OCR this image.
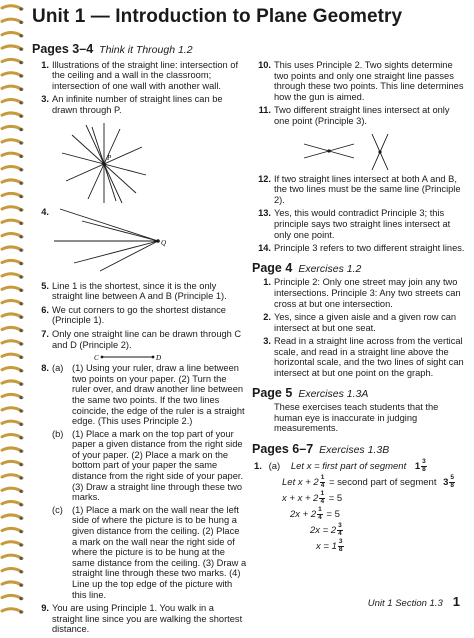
Unit 1 — Introduction to Plane Geometry
Pages 3–4 Think it Through 1.2
1. Illustrations of the straight line: intersection of the ceiling and a wall in the classroom; intersection of one wall with another wall.
3. An infinite number of straight lines can be drawn through P.
P
4.
Q
5. Line 1 is the shortest, since it is the only straight line between A and B (Principle 1).
6. We cut corners to go the shortest distance (Principle 1).
7. Only one straight line can be drawn through C and D (Principle 2).
C	D
8. (a) (1) Using your ruler, draw a line between two points on your paper. (2) Turn the ruler over, and draw another line between the same two points. If the two lines coincide, the edge of the ruler is a straight edge. (This uses Principle 2.)
(b) (1) Place a mark on the top part of your paper a given distance from the right side of your paper. (2) Place a mark on the bottom part of your paper the same distance from the right side of your paper. (3) Draw a straight line through these two marks.
(c) (1) Place a mark on the wall near the left side of where the picture is to be hung a given distance from the ceiling. (2) Place a mark on the wall near the right side of where the picture is to be hung at the same distance from the ceiling. (3) Draw a straight line through these two marks. (4) Line up the top edge of the picture with this line.
9. You are using Principle 1. You walk in a straight line since you are walking the shortest distance.
10. This uses Principle 2. Two sights determine two points and only one straight line passes through these two points. This line determines how the gun is aimed.
11. Two different straight lines intersect at only one point (Principle 3).
12. If two straight lines intersect at both A and B, the two lines must be the same line (Principle 2).
13. Yes, this would contradict Principle 3; this principle says two straight lines intersect at only one point.
14. Principle 3 refers to two different straight lines.
Page 4 Exercises 1.2
1. Principle 2: Only one street may join any two intersections. Principle 3: Any two streets can cross at but one intersection.
2. Yes, since a given aisle and a given row can intersect at but one seat.
3. Read in a straight line across from the vertical scale, and read in a straight line above the horizontal scale, and the two lines of sight can intersect at but one point on the graph.
Page 5 Exercises 1.3A
These exercises teach students that the human eye is inaccurate in judging measurements.
Pages 6–7 Exercises 1.3B
1. (a) Let x = first part of segment $1 \frac{3}{8}$
Let $x + 2 \frac{1}{4}$ = second part of segment $3 \frac{5}{8}$
$x + x + 2 \frac{1}{4} = 5$
$2x + 2 \frac{1}{4} = 5$
$2x = 2 \frac{3}{4}$
$x = 1 \frac{3}{8}$
Unit 1 Section 1.3 1
